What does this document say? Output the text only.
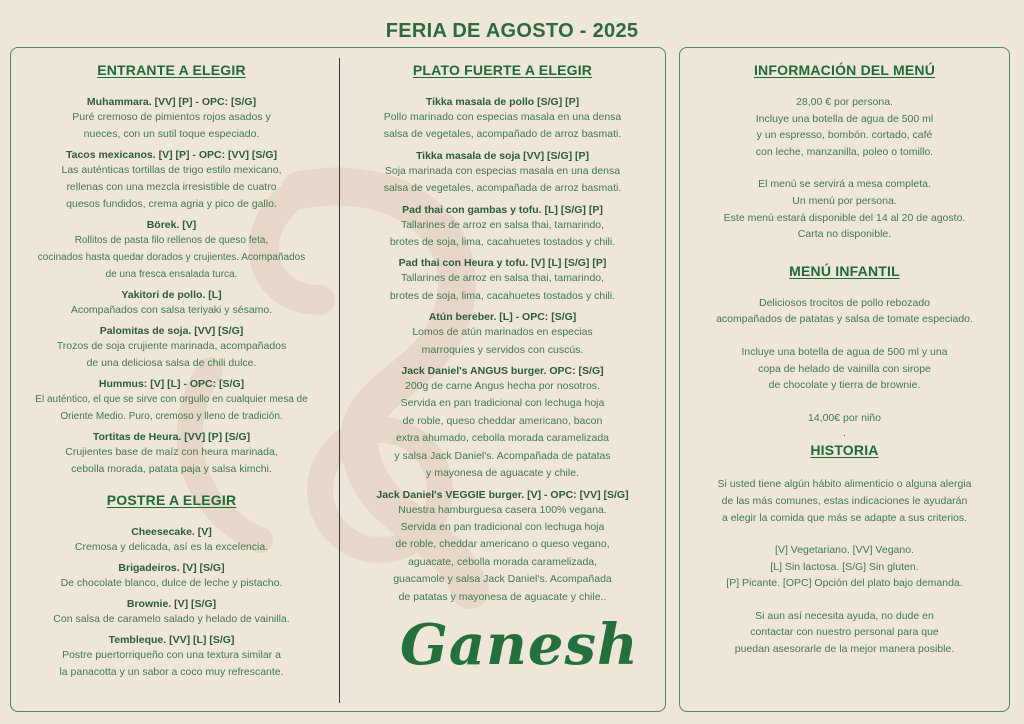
FERIA DE AGOSTO - 2025
ENTRANTE A ELEGIR
Muhammara. [VV] [P] - OPC: [S/G]
Puré cremoso de pimientos rojos asados y
nueces, con un sutil toque especiado.
Tacos mexicanos. [V] [P] - OPC: [VV] [S/G]
Las auténticas tortillas de trigo estilo mexicano,
rellenas con una mezcla irresistible de cuatro
quesos fundidos, crema agria y pico de gallo.
Börek. [V]
Rollitos de pasta filo rellenos de queso feta,
cocinados hasta quedar dorados y crujientes. Acompañados
de una fresca ensalada turca.
Yakitori de pollo. [L]
Acompañados con salsa teriyaki y sésamo.
Palomitas de soja. [VV] [S/G]
Trozos de soja crujiente marinada, acompañados
de una deliciosa salsa de chili dulce.
Hummus: [V] [L] - OPC: [S/G]
El auténtico, el que se sirve con orgullo en cualquier mesa de
Oriente Medio. Puro, cremoso y lleno de tradición.
Tortitas de Heura. [VV] [P] [S/G]
Crujientes base de maíz con heura marinada,
cebolla morada, patata paja y salsa kimchi.
POSTRE A ELEGIR
Cheesecake. [V]
Cremosa y delicada, así es la excelencia.
Brigadeiros. [V] [S/G]
De chocolate blanco, dulce de leche y pistacho.
Brownie. [V] [S/G]
Con salsa de caramelo salado y helado de vainilla.
Tembleque. [VV] [L] [S/G]
Postre puertorriqueño con una textura similar a
la panacotta y un sabor a coco muy refrescante.
PLATO FUERTE A ELEGIR
Tikka masala de pollo [S/G] [P]
Pollo marinado con especias masala en una densa
salsa de vegetales, acompañado de arroz basmati.
Tikka masala de soja [VV] [S/G] [P]
Soja marinada con especias masala en una densa
salsa de vegetales, acompañada de arroz basmati.
Pad thai con gambas y tofu. [L] [S/G] [P]
Tallarines de arroz en salsa thai, tamarindo,
brotes de soja, lima, cacahuetes tostados y chili.
Pad thai con Heura y tofu. [V] [L] [S/G] [P]
Tallarines de arroz en salsa thai, tamarindo,
brotes de soja, lima, cacahuetes tostados y chili.
Atún bereber. [L] - OPC: [S/G]
Lomos de atún marinados en especias
marroquíes y servidos con cuscús.
Jack Daniel's ANGUS burger. OPC: [S/G]
200g de carne Angus hecha por nosotros.
Servida en pan tradicional con lechuga hoja
de roble, queso cheddar americano, bacon
extra ahumado, cebolla morada caramelizada
y salsa Jack Daniel's. Acompañada de patatas
y mayonesa de aguacate y chile.
Jack Daniel's VEGGIE burger. [V] - OPC: [VV] [S/G]
Nuestra hamburguesa casera 100% vegana.
Servida en pan tradicional con lechuga hoja
de roble, cheddar americano o queso vegano,
aguacate, cebolla morada caramelizada,
guacamole y salsa Jack Daniel's. Acompañada
de patatas y mayonesa de aguacate y chile..
Ganesh
INFORMACIÓN DEL MENÚ
28,00 € por persona.
Incluye una botella de agua de 500 ml
y un espresso, bombón. cortado, café
con leche, manzanilla, poleo o tomillo.
El menú se servirá a mesa completa.
Un menú por persona.
Este menú estará disponible del 14 al 20 de agosto.
Carta no disponible.
MENÚ INFANTIL
Deliciosos trocitos de pollo rebozado
acompañados de patatas y salsa de tomate especiado.
Incluye una botella de agua de 500 ml y una
copa de helado de vainilla con sirope
de chocolate y tierra de brownie.
14,00€ por niño
.
HISTORIA
Si usted tiene algún hábito alimenticio o alguna alergia
de las más comunes, estas indicaciones le ayudarán
a elegir la comida que más se adapte a sus criterios.
[V] Vegetariano. [VV] Vegano.
[L] Sin lactosa. [S/G] Sin gluten.
[P] Picante. [OPC] Opción del plato bajo demanda.
Si aun así necesita ayuda, no dude en
contactar con nuestro personal para que
puedan asesorarle de la mejor manera posible.
